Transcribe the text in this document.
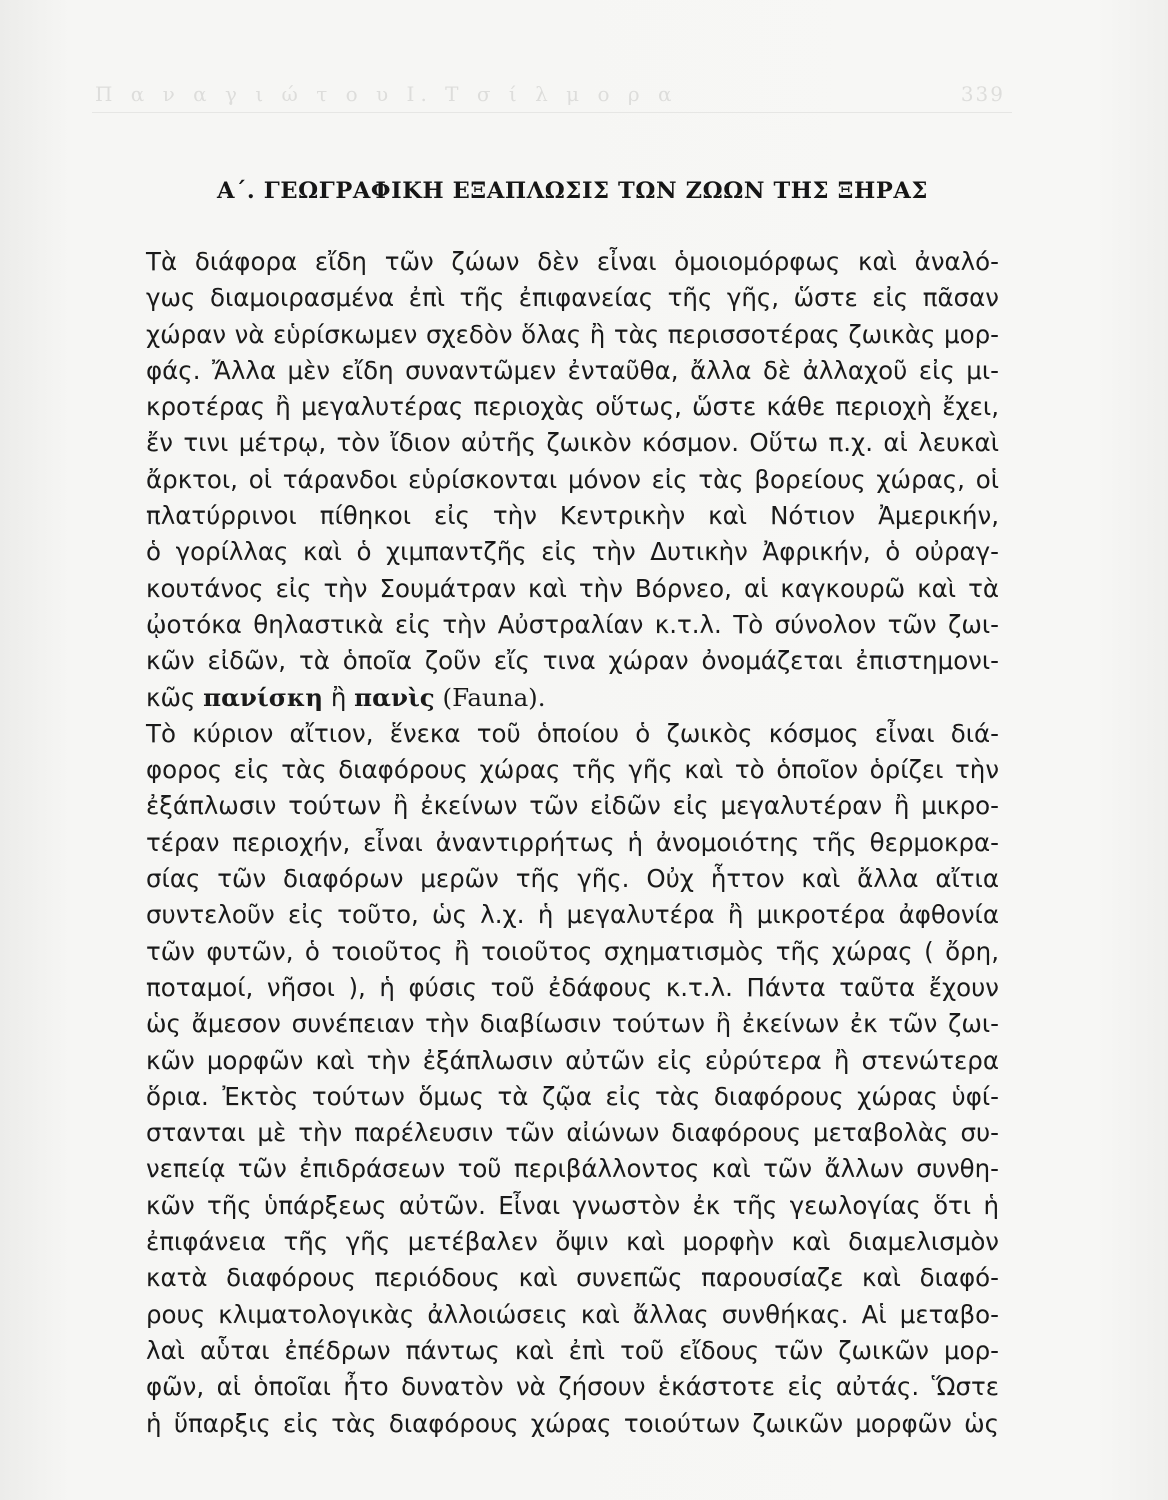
Π α ν α γ ι ώ τ ο υ Ι. Τ σ ί λ μ ο ρ α	339
Α΄. ΓΕΩΓΡΑΦΙΚΗ ΕΞΑΠΛΩΣΙΣ ΤΩΝ ΖΩΩΝ ΤΗΣ ΞΗΡΑΣ
Τὰ διάφορα εἴδη τῶν ζώων δὲν εἶναι ὁμοιομόρφως καὶ ἀναλό-
γως διαμοιρασμένα ἐπὶ τῆς ἐπιφανείας τῆς γῆς, ὥστε εἰς πᾶσαν
χώραν νὰ εὑρίσκωμεν σχεδὸν ὅλας ἢ τὰς περισσοτέρας ζωικὰς μορ-
φάς. Ἄλλα μὲν εἴδη συναντῶμεν ἐνταῦθα, ἄλλα δὲ ἀλλαχοῦ εἰς μι-
κροτέρας ἢ μεγαλυτέρας περιοχὰς οὕτως, ὥστε κάθε περιοχὴ ἔχει,
ἔν τινι μέτρῳ, τὸν ἴδιον αὐτῆς ζωικὸν κόσμον. Οὕτω π.χ. αἱ λευκαὶ
ἄρκτοι, οἱ τάρανδοι εὑρίσκονται μόνον εἰς τὰς βορείους χώρας, οἱ
πλατύρρινοι πίθηκοι εἰς τὴν Κεντρικὴν καὶ Νότιον Ἀμερικήν,
ὁ γορίλλας καὶ ὁ χιμπαντζῆς εἰς τὴν Δυτικὴν Ἀφρικήν, ὁ οὐραγ-
κουτάνος εἰς τὴν Σουμάτραν καὶ τὴν Βόρνεο, αἱ καγκουρῶ καὶ τὰ
ᾠοτόκα θηλαστικὰ εἰς τὴν Αὐστραλίαν κ.τ.λ. Τὸ σύνολον τῶν ζωι-
κῶν εἰδῶν, τὰ ὁποῖα ζοῦν εἴς τινα χώραν ὀνομάζεται ἐπιστημονι-
κῶς πανίσκη ἢ πανὶς (Fauna).
Τὸ κύριον αἴτιον, ἕνεκα τοῦ ὁποίου ὁ ζωικὸς κόσμος εἶναι διά-
φορος εἰς τὰς διαφόρους χώρας τῆς γῆς καὶ τὸ ὁποῖον ὁρίζει τὴν
ἐξάπλωσιν τούτων ἢ ἐκείνων τῶν εἰδῶν εἰς μεγαλυτέραν ἢ μικρο-
τέραν περιοχήν, εἶναι ἀναντιρρήτως ἡ ἀνομοιότης τῆς θερμοκρα-
σίας τῶν διαφόρων μερῶν τῆς γῆς. Οὐχ ἧττον καὶ ἄλλα αἴτια
συντελοῦν εἰς τοῦτο, ὡς λ.χ. ἡ μεγαλυτέρα ἢ μικροτέρα ἀφθονία
τῶν φυτῶν, ὁ τοιοῦτος ἢ τοιοῦτος σχηματισμὸς τῆς χώρας ( ὄρη,
ποταμοί, νῆσοι ), ἡ φύσις τοῦ ἐδάφους κ.τ.λ. Πάντα ταῦτα ἔχουν
ὡς ἄμεσον συνέπειαν τὴν διαβίωσιν τούτων ἢ ἐκείνων ἐκ τῶν ζωι-
κῶν μορφῶν καὶ τὴν ἐξάπλωσιν αὐτῶν εἰς εὐρύτερα ἢ στενώτερα
ὅρια. Ἐκτὸς τούτων ὅμως τὰ ζῷα εἰς τὰς διαφόρους χώρας ὑφί-
στανται μὲ τὴν παρέλευσιν τῶν αἰώνων διαφόρους μεταβολὰς συ-
νεπείᾳ τῶν ἐπιδράσεων τοῦ περιβάλλοντος καὶ τῶν ἄλλων συνθη-
κῶν τῆς ὑπάρξεως αὐτῶν. Εἶναι γνωστὸν ἐκ τῆς γεωλογίας ὅτι ἡ
ἐπιφάνεια τῆς γῆς μετέβαλεν ὄψιν καὶ μορφὴν καὶ διαμελισμὸν
κατὰ διαφόρους περιόδους καὶ συνεπῶς παρουσίαζε καὶ διαφό-
ρους κλιματολογικὰς ἀλλοιώσεις καὶ ἄλλας συνθήκας. Αἱ μεταβο-
λαὶ αὗται ἐπέδρων πάντως καὶ ἐπὶ τοῦ εἴδους τῶν ζωικῶν μορ-
φῶν, αἱ ὁποῖαι ἦτο δυνατὸν νὰ ζήσουν ἑκάστοτε εἰς αὐτάς. Ὥστε
ἡ ὕπαρξις εἰς τὰς διαφόρους χώρας τοιούτων ζωικῶν μορφῶν ὡς
